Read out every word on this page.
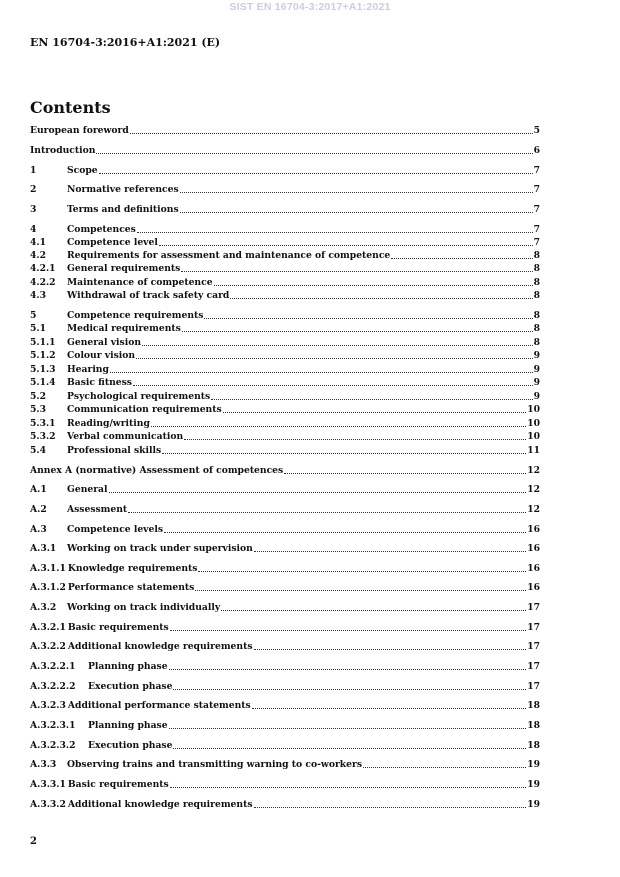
SIST EN 16704-3:2017+A1:2021
EN 16704-3:2016+A1:2021 (E)
Contents
European foreword	5
Introduction	6
1	Scope	7
2	Normative references	7
3	Terms and definitions	7
4	Competences	7
4.1	Competence level	7
4.2	Requirements for assessment and maintenance of competence	8
4.2.1	General requirements	8
4.2.2	Maintenance of competence	8
4.3	Withdrawal of track safety card	8
5	Competence requirements	8
5.1	Medical requirements	8
5.1.1	General vision	8
5.1.2	Colour vision	9
5.1.3	Hearing	9
5.1.4	Basic fitness	9
5.2	Psychological requirements	9
5.3	Communication requirements	10
5.3.1	Reading/writing	10
5.3.2	Verbal communication	10
5.4	Professional skills	11
Annex A (normative) Assessment of competences	12
A.1	General	12
A.2	Assessment	12
A.3	Competence levels	16
A.3.1	Working on track under supervision	16
A.3.1.1 Knowledge requirements	16
A.3.1.2 Performance statements	16
A.3.2	Working on track individually	17
A.3.2.1 Basic requirements	17
A.3.2.2 Additional knowledge requirements	17
A.3.2.2.1	Planning phase	17
A.3.2.2.2	Execution phase	17
A.3.2.3 Additional performance statements	18
A.3.2.3.1	Planning phase	18
A.3.2.3.2	Execution phase	18
A.3.3	Observing trains and transmitting warning to co-workers	19
A.3.3.1 Basic requirements	19
A.3.3.2 Additional knowledge requirements	19
2
